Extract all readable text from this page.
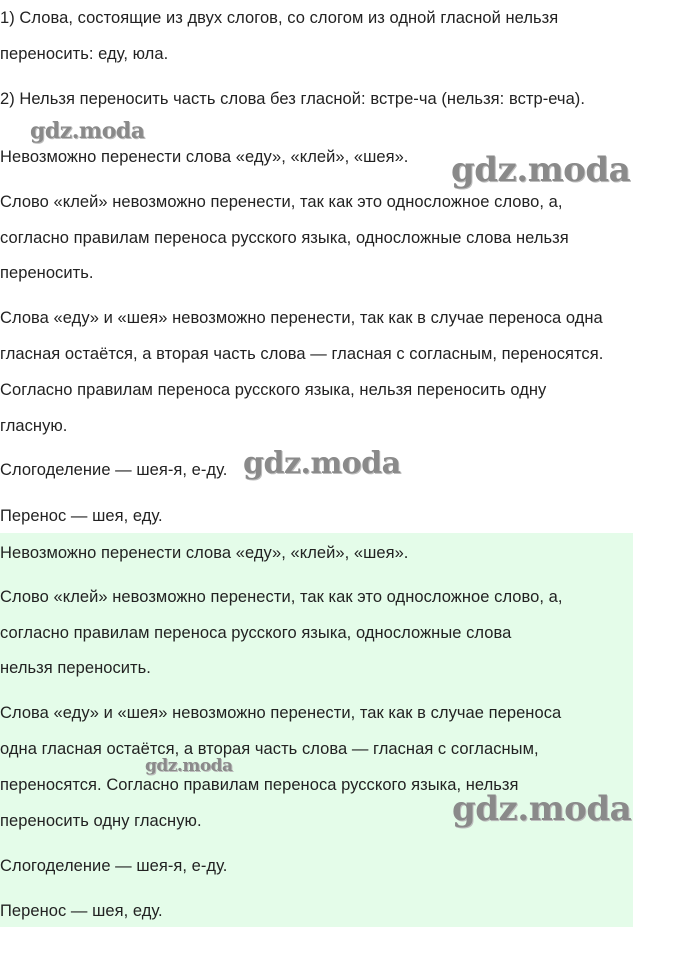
1) Слова, состоящие из двух слогов, со слогом из одной гласной нельзя

переносить: еду, юла.

2) Нельзя переносить часть слова без гласной: встре-ча (нельзя: встр-еча).

Невозможно перенести слова «еду», «клей», «шея».

Слово «клей» невозможно перенести, так как это односложное слово, а,

согласно правилам переноса русского языка, односложные слова нельзя

переносить.

Слова «еду» и «шея» невозможно перенести, так как в случае переноса одна

гласная остаётся, а вторая часть слова — гласная с согласным, переносятся.

Согласно правилам переноса русского языка, нельзя переносить одну

гласную.

Слогоделение — шея-я, е-ду.

Перенос — шея, еду.

Невозможно перенести слова «еду», «клей», «шея».

Слово «клей» невозможно перенести, так как это односложное слово, а,

согласно правилам переноса русского языка, односложные слова

нельзя переносить.

Слова «еду» и «шея» невозможно перенести, так как в случае переноса

одна гласная остаётся, а вторая часть слова — гласная с согласным,

переносятся. Согласно правилам переноса русского языка, нельзя

переносить одну гласную.

Слогоделение — шея-я, е-ду.

Перенос — шея, еду.

gdz.moda
gdz.moda
gdz.moda
gdz.moda
gdz.moda
